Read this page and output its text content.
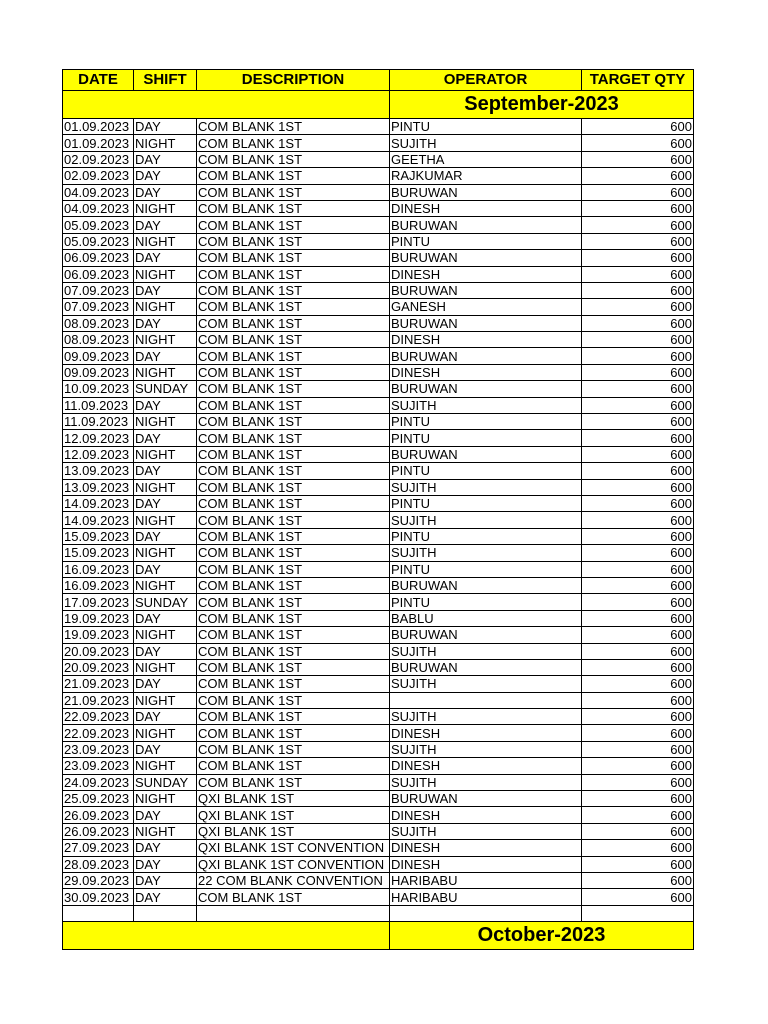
DATE	SHIFT	DESCRIPTION	OPERATOR	TARGET QTY
			September-2023	
01.09.2023	DAY	COM BLANK 1ST	PINTU	600
01.09.2023	NIGHT	COM BLANK 1ST	SUJITH	600
02.09.2023	DAY	COM BLANK 1ST	GEETHA	600
02.09.2023	DAY	COM BLANK 1ST	RAJKUMAR	600
04.09.2023	DAY	COM BLANK 1ST	BURUWAN	600
04.09.2023	NIGHT	COM BLANK 1ST	DINESH	600
05.09.2023	DAY	COM BLANK 1ST	BURUWAN	600
05.09.2023	NIGHT	COM BLANK 1ST	PINTU	600
06.09.2023	DAY	COM BLANK 1ST	BURUWAN	600
06.09.2023	NIGHT	COM BLANK 1ST	DINESH	600
07.09.2023	DAY	COM BLANK 1ST	BURUWAN	600
07.09.2023	NIGHT	COM BLANK 1ST	GANESH	600
08.09.2023	DAY	COM BLANK 1ST	BURUWAN	600
08.09.2023	NIGHT	COM BLANK 1ST	DINESH	600
09.09.2023	DAY	COM BLANK 1ST	BURUWAN	600
09.09.2023	NIGHT	COM BLANK 1ST	DINESH	600
10.09.2023	SUNDAY	COM BLANK 1ST	BURUWAN	600
11.09.2023	DAY	COM BLANK 1ST	SUJITH	600
11.09.2023	NIGHT	COM BLANK 1ST	PINTU	600
12.09.2023	DAY	COM BLANK 1ST	PINTU	600
12.09.2023	NIGHT	COM BLANK 1ST	BURUWAN	600
13.09.2023	DAY	COM BLANK 1ST	PINTU	600
13.09.2023	NIGHT	COM BLANK 1ST	SUJITH	600
14.09.2023	DAY	COM BLANK 1ST	PINTU	600
14.09.2023	NIGHT	COM BLANK 1ST	SUJITH	600
15.09.2023	DAY	COM BLANK 1ST	PINTU	600
15.09.2023	NIGHT	COM BLANK 1ST	SUJITH	600
16.09.2023	DAY	COM BLANK 1ST	PINTU	600
16.09.2023	NIGHT	COM BLANK 1ST	BURUWAN	600
17.09.2023	SUNDAY	COM BLANK 1ST	PINTU	600
19.09.2023	DAY	COM BLANK 1ST	BABLU	600
19.09.2023	NIGHT	COM BLANK 1ST	BURUWAN	600
20.09.2023	DAY	COM BLANK 1ST	SUJITH	600
20.09.2023	NIGHT	COM BLANK 1ST	BURUWAN	600
21.09.2023	DAY	COM BLANK 1ST	SUJITH	600
21.09.2023	NIGHT	COM BLANK 1ST		600
22.09.2023	DAY	COM BLANK 1ST	SUJITH	600
22.09.2023	NIGHT	COM BLANK 1ST	DINESH	600
23.09.2023	DAY	COM BLANK 1ST	SUJITH	600
23.09.2023	NIGHT	COM BLANK 1ST	DINESH	600
24.09.2023	SUNDAY	COM BLANK 1ST	SUJITH	600
25.09.2023	NIGHT	QXI BLANK 1ST	BURUWAN	600
26.09.2023	DAY	QXI BLANK 1ST	DINESH	600
26.09.2023	NIGHT	QXI BLANK 1ST	SUJITH	600
27.09.2023	DAY	QXI BLANK 1ST CONVENTION	DINESH	600
28.09.2023	DAY	QXI BLANK 1ST CONVENTION	DINESH	600
29.09.2023	DAY	22 COM BLANK CONVENTION	HARIBABU	600
30.09.2023	DAY	COM BLANK 1ST	HARIBABU	600

			October-2023	
